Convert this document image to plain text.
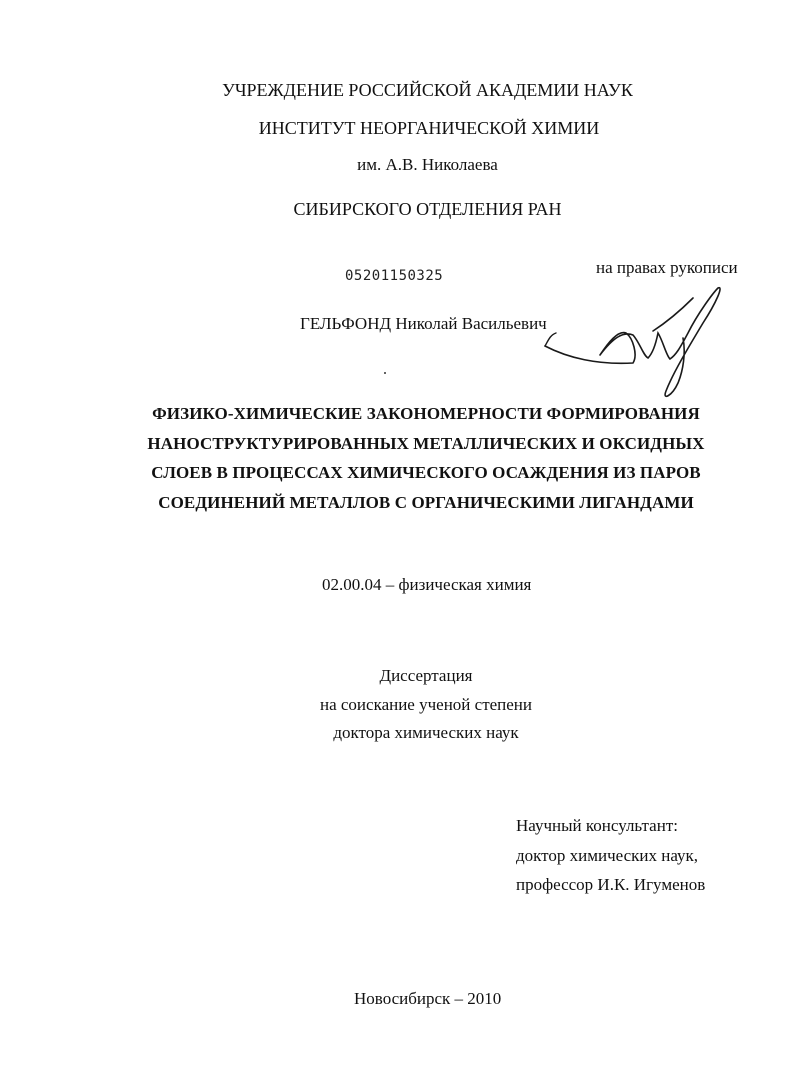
УЧРЕЖДЕНИЕ РОССИЙСКОЙ АКАДЕМИИ НАУК
ИНСТИТУТ НЕОРГАНИЧЕСКОЙ ХИМИИ
им. А.В. Николаева
СИБИРСКОГО ОТДЕЛЕНИЯ РАН
05201150325	на правах рукописи
ГЕЛЬФОНД Николай Васильевич
ФИЗИКО-ХИМИЧЕСКИЕ ЗАКОНОМЕРНОСТИ ФОРМИРОВАНИЯ
НАНОСТРУКТУРИРОВАННЫХ МЕТАЛЛИЧЕСКИХ И ОКСИДНЫХ
СЛОЕВ В ПРОЦЕССАХ ХИМИЧЕСКОГО ОСАЖДЕНИЯ ИЗ ПАРОВ
СОЕДИНЕНИЙ МЕТАЛЛОВ С ОРГАНИЧЕСКИМИ ЛИГАНДАМИ
02.00.04 – физическая химия
Диссертация
на соискание ученой степени
доктора химических наук
Научный консультант:
доктор химических наук,
профессор И.К. Игуменов
Новосибирск – 2010
